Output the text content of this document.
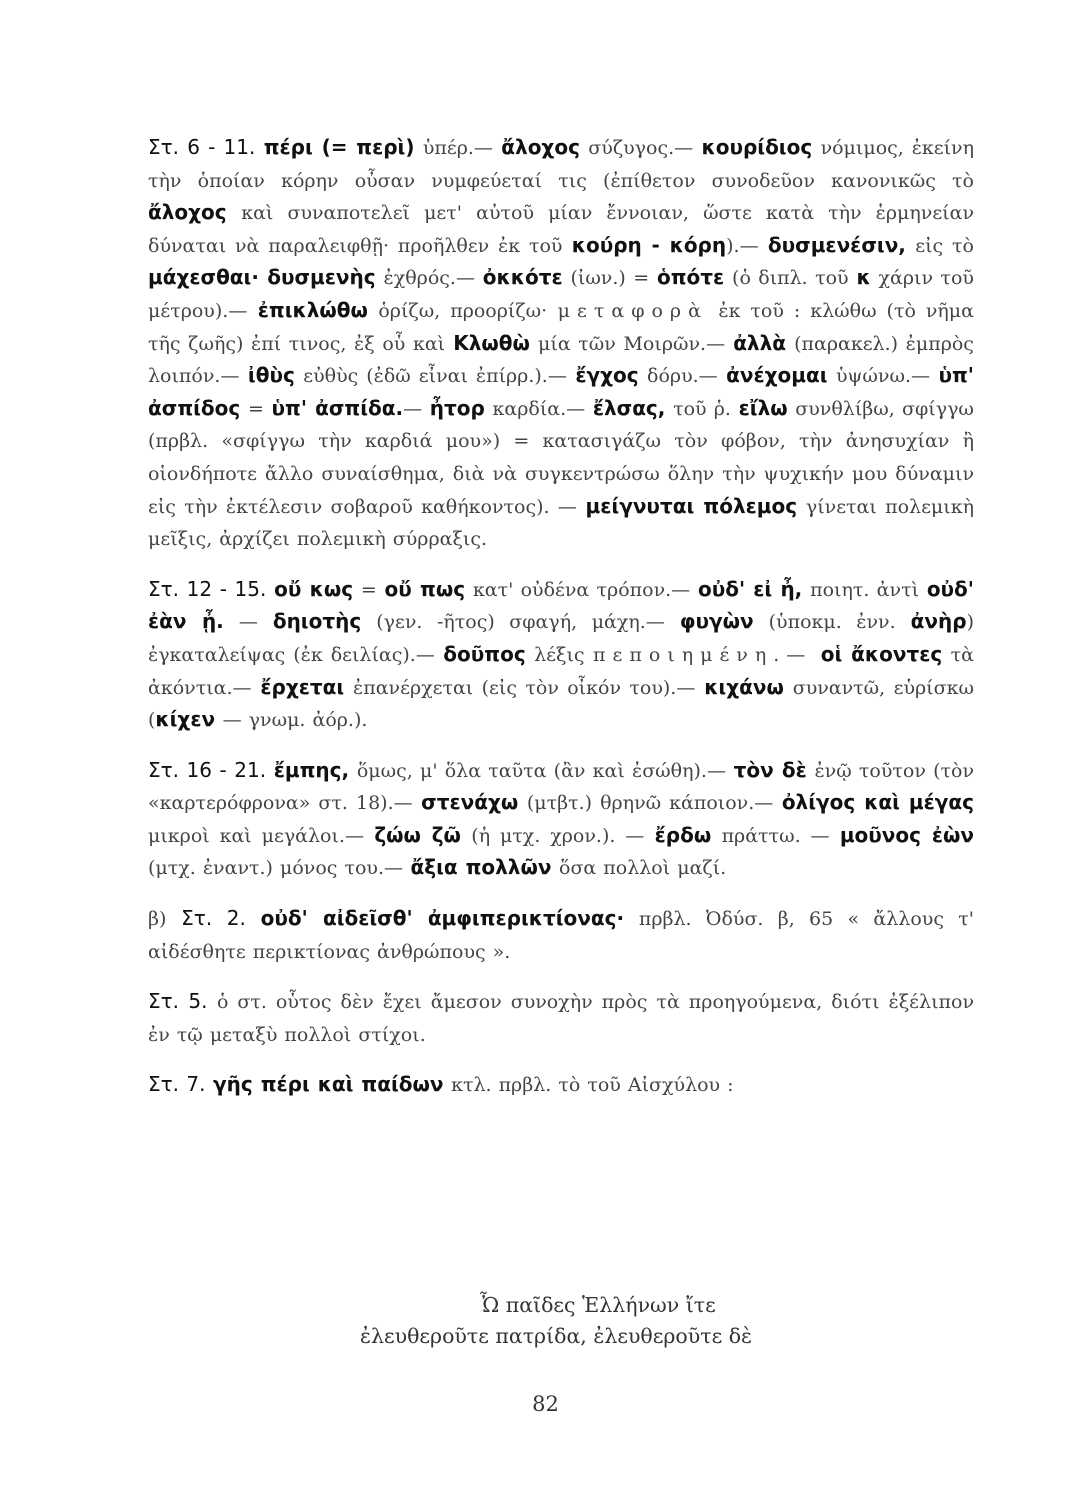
Στ. 6 - 11. πέρι (= περὶ) ὑπέρ.— ἄλοχος σύζυγος.— κουρίδιος νόμιμος, ἐκείνη τὴν ὁποίαν κόρην οὖσαν νυμφεύεταί τις (ἐπίθετον συνοδεῦον κανονικῶς τὸ ἄλοχος καὶ συναποτελεῖ μετ' αὐτοῦ μίαν ἔννοιαν, ὥστε κατὰ τὴν ἑρμηνείαν δύναται νὰ παραλειφθῇ· προῆλθεν ἐκ τοῦ κούρη - κόρη).— δυσμενέσιν, εἰς τὸ μάχεσθαι· δυσμενὴς ἐχθρός.— ὀκκότε (ἰων.) = ὁπότε (ὁ διπλ. τοῦ κ χάριν τοῦ μέτρου).— ἐπικλώθω ὁρίζω, προορίζω· μεταφορὰ ἐκ τοῦ : κλώθω (τὸ νῆμα τῆς ζωῆς) ἐπί τινος, ἐξ οὗ καὶ Κλωθὼ μία τῶν Μοιρῶν.— ἀλλὰ (παρακελ.) ἐμπρὸς λοιπόν.— ἰθὺς εὐθὺς (ἐδῶ εἶναι ἐπίρρ.).— ἔγχος δόρυ.— ἀνέχομαι ὑψώνω.— ὑπ' ἀσπίδος = ὑπ' ἀσπίδα.— ἦτορ καρδία.— ἔλσας, τοῦ ῥ. εἴλω συνθλίβω, σφίγγω (πρβλ. «σφίγγω τὴν καρδιά μου») = κατασιγάζω τὸν φόβον, τὴν ἀνησυχίαν ἢ οἱονδήποτε ἄλλο συναίσθημα, διὰ νὰ συγκεντρώσω ὅλην τὴν ψυχικήν μου δύναμιν εἰς τὴν ἐκτέλεσιν σοβαροῦ καθήκοντος). — μείγνυται πόλεμος γίνεται πολεμικὴ μεῖξις, ἀρχίζει πολεμικὴ σύρραξις.

Στ. 12 - 15. οὔ κως = οὔ πως κατ' οὐδένα τρόπον.— οὐδ' εἰ ἦ, ποιητ. ἀντὶ οὐδ' ἐὰν ᾖ. — δηιοτὴς (γεν. -ῆτος) σφαγή, μάχη.— φυγὼν (ὑποκμ. ἐνν. ἀνὴρ) ἐγκαταλείψας (ἐκ δειλίας).— δοῦπος λέξις πεποιημένη.— οἱ ἄκοντες τὰ ἀκόντια.— ἔρχεται ἐπανέρχεται (εἰς τὸν οἶκόν του).— κιχάνω συναντῶ, εὑρίσκω (κίχεν — γνωμ. ἀόρ.).

Στ. 16 - 21. ἔμπης, ὅμως, μ' ὅλα ταῦτα (ἂν καὶ ἐσώθη).— τὸν δὲ ἐνῷ τοῦτον (τὸν «καρτερόφρονα» στ. 18).— στενάχω (μτβτ.) θρηνῶ κάποιον.— ὀλίγος καὶ μέγας μικροὶ καὶ μεγάλοι.— ζώω ζῶ (ἡ μτχ. χρον.). — ἔρδω πράττω. — μοῦνος ἐὼν (μτχ. ἐναντ.) μόνος του.— ἄξια πολλῶν ὅσα πολλοὶ μαζί.

β) Στ. 2. οὐδ' αἰδεῖσθ' ἀμφιπερικτίονας· πρβλ. Ὀδύσ. β, 65 « ἄλλους τ' αἰδέσθητε περικτίονας ἀνθρώπους ».

Στ. 5. ὁ στ. οὗτος δὲν ἔχει ἄμεσον συνοχὴν πρὸς τὰ προηγούμενα, διότι ἐξέλιπον ἐν τῷ μεταξὺ πολλοὶ στίχοι.

Στ. 7. γῆς πέρι καὶ παίδων κτλ. πρβλ. τὸ τοῦ Αἰσχύλου :

Ὦ παῖδες Ἑλλήνων ἴτε
ἐλευθεροῦτε πατρίδα, ἐλευθεροῦτε δὲ
82
